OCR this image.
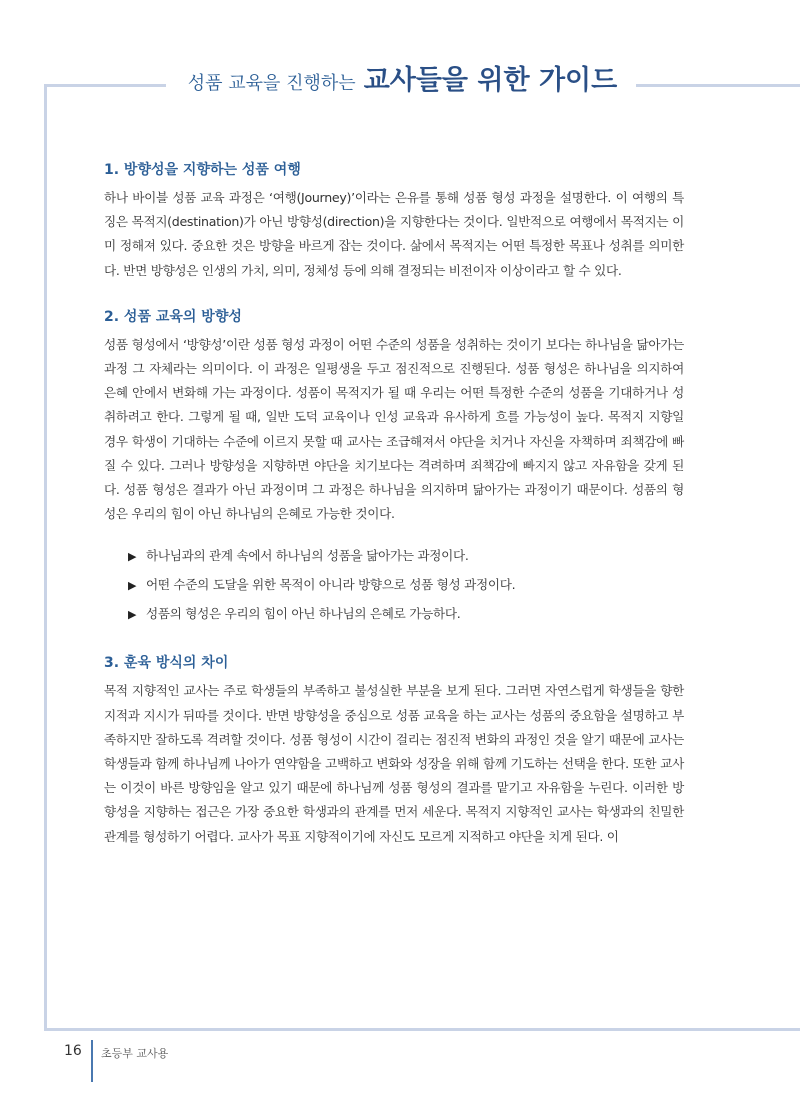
성품 교육을 진행하는 교사들을 위한 가이드
1. 방향성을 지향하는 성품 여행

하나 바이블 성품 교육 과정은 ‘여행(Journey)’이라는 은유를 통해 성품 형성 과정을 설명한다. 이 여행의 특징은 목적지(destination)가 아닌 방향성(direction)을 지향한다는 것이다. 일반적으로 여행에서 목적지는 이미 정해져 있다. 중요한 것은 방향을 바르게 잡는 것이다. 삶에서 목적지는 어떤 특정한 목표나 성취를 의미한다. 반면 방향성은 인생의 가치, 의미, 정체성 등에 의해 결정되는 비전이자 이상이라고 할 수 있다.

2. 성품 교육의 방향성

성품 형성에서 ‘방향성’이란 성품 형성 과정이 어떤 수준의 성품을 성취하는 것이기 보다는 하나님을 닮아가는 과정 그 자체라는 의미이다. 이 과정은 일평생을 두고 점진적으로 진행된다. 성품 형성은 하나님을 의지하여 은혜 안에서 변화해 가는 과정이다. 성품이 목적지가 될 때 우리는 어떤 특정한 수준의 성품을 기대하거나 성취하려고 한다. 그렇게 될 때, 일반 도덕 교육이나 인성 교육과 유사하게 흐를 가능성이 높다. 목적지 지향일 경우 학생이 기대하는 수준에 이르지 못할 때 교사는 조급해져서 야단을 치거나 자신을 자책하며 죄책감에 빠질 수 있다. 그러나 방향성을 지향하면 야단을 치기보다는 격려하며 죄책감에 빠지지 않고 자유함을 갖게 된다. 성품 형성은 결과가 아닌 과정이며 그 과정은 하나님을 의지하며 닮아가는 과정이기 때문이다. 성품의 형성은 우리의 힘이 아닌 하나님의 은혜로 가능한 것이다.

▶ 하나님과의 관계 속에서 하나님의 성품을 닮아가는 과정이다.
▶ 어떤 수준의 도달을 위한 목적이 아니라 방향으로 성품 형성 과정이다.
▶ 성품의 형성은 우리의 힘이 아닌 하나님의 은혜로 가능하다.
3. 훈육 방식의 차이

목적 지향적인 교사는 주로 학생들의 부족하고 불성실한 부분을 보게 된다. 그러면 자연스럽게 학생들을 향한 지적과 지시가 뒤따를 것이다. 반면 방향성을 중심으로 성품 교육을 하는 교사는 성품의 중요함을 설명하고 부족하지만 잘하도록 격려할 것이다. 성품 형성이 시간이 걸리는 점진적 변화의 과정인 것을 알기 때문에 교사는 학생들과 함께 하나님께 나아가 연약함을 고백하고 변화와 성장을 위해 함께 기도하는 선택을 한다. 또한 교사는 이것이 바른 방향임을 알고 있기 때문에 하나님께 성품 형성의 결과를 맡기고 자유함을 누린다. 이러한 방향성을 지향하는 접근은 가장 중요한 학생과의 관계를 먼저 세운다. 목적지 지향적인 교사는 학생과의 친밀한 관계를 형성하기 어렵다. 교사가 목표 지향적이기에 자신도 모르게 지적하고 야단을 치게 된다. 이

16 초등부 교사용
